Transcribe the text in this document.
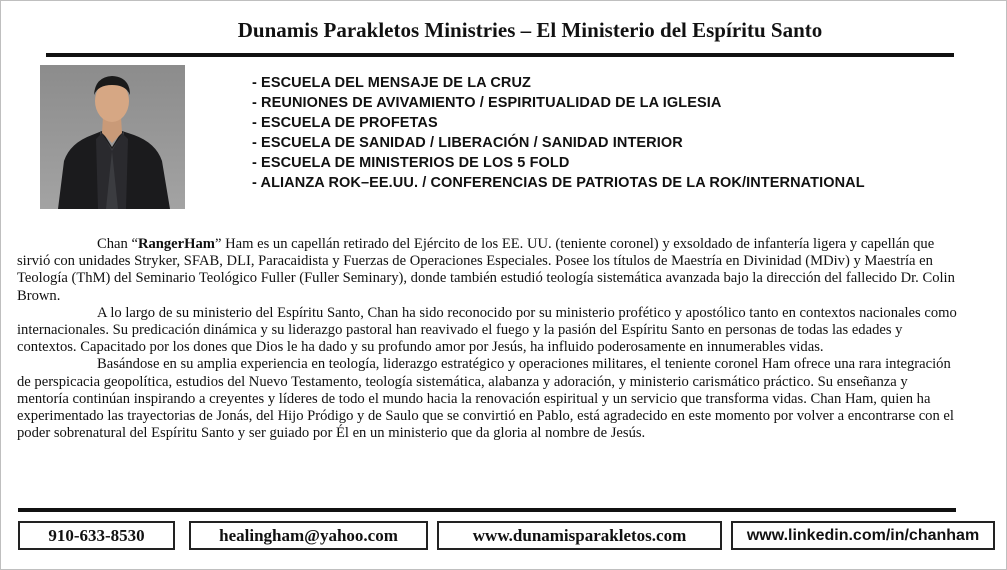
Dunamis Parakletos Ministries – El Ministerio del Espíritu Santo
- ESCUELA DEL MENSAJE DE LA CRUZ
- REUNIONES DE AVIVAMIENTO / ESPIRITUALIDAD DE LA IGLESIA
- ESCUELA DE PROFETAS
- ESCUELA DE SANIDAD / LIBERACIÓN / SANIDAD INTERIOR
- ESCUELA DE MINISTERIOS DE LOS 5 FOLD
- ALIANZA ROK–EE.UU. / CONFERENCIAS DE PATRIOTAS DE LA ROK/INTERNATIONAL

Chan “RangerHam” Ham es un capellán retirado del Ejército de los EE. UU. (teniente coronel) y exsoldado de infantería ligera y capellán que sirvió con unidades Stryker, SFAB, DLI, Paracaidista y Fuerzas de Operaciones Especiales. Posee los títulos de Maestría en Divinidad (MDiv) y Maestría en Teología (ThM) del Seminario Teológico Fuller (Fuller Seminary), donde también estudió teología sistemática avanzada bajo la dirección del fallecido Dr. Colin Brown.

A lo largo de su ministerio del Espíritu Santo, Chan ha sido reconocido por su ministerio profético y apostólico tanto en contextos nacionales como internacionales. Su predicación dinámica y su liderazgo pastoral han reavivado el fuego y la pasión del Espíritu Santo en personas de todas las edades y contextos. Capacitado por los dones que Dios le ha dado y su profundo amor por Jesús, ha influido poderosamente en innumerables vidas.

Basándose en su amplia experiencia en teología, liderazgo estratégico y operaciones militares, el teniente coronel Ham ofrece una rara integración de perspicacia geopolítica, estudios del Nuevo Testamento, teología sistemática, alabanza y adoración, y ministerio carismático práctico. Su enseñanza y mentoría continúan inspirando a creyentes y líderes de todo el mundo hacia la renovación espiritual y un servicio que transforma vidas. Chan Ham, quien ha experimentado las trayectorias de Jonás, del Hijo Pródigo y de Saulo que se convirtió en Pablo, está agradecido en este momento por volver a encontrarse con el poder sobrenatural del Espíritu Santo y ser guiado por Él en un ministerio que da gloria al nombre de Jesús.

910-633-8530	healingham@yahoo.com	www.dunamisparakletos.com	www.linkedin.com/in/chanham
